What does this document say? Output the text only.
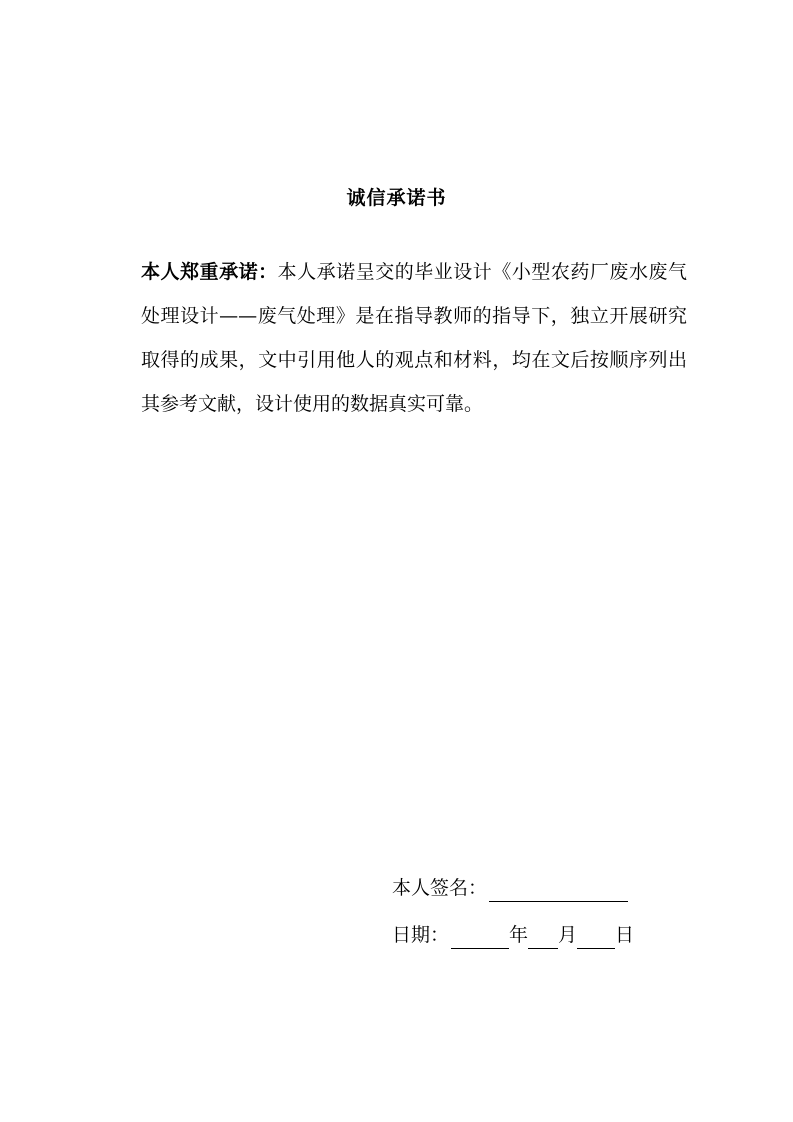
诚信承诺书
本人郑重承诺：本人承诺呈交的毕业设计《小型农药厂废水废气处理设计——废气处理》是在指导教师的指导下，独立开展研究取得的成果，文中引用他人的观点和材料，均在文后按顺序列出其参考文献，设计使用的数据真实可靠。
本人签名：
日期：	年 月 日
